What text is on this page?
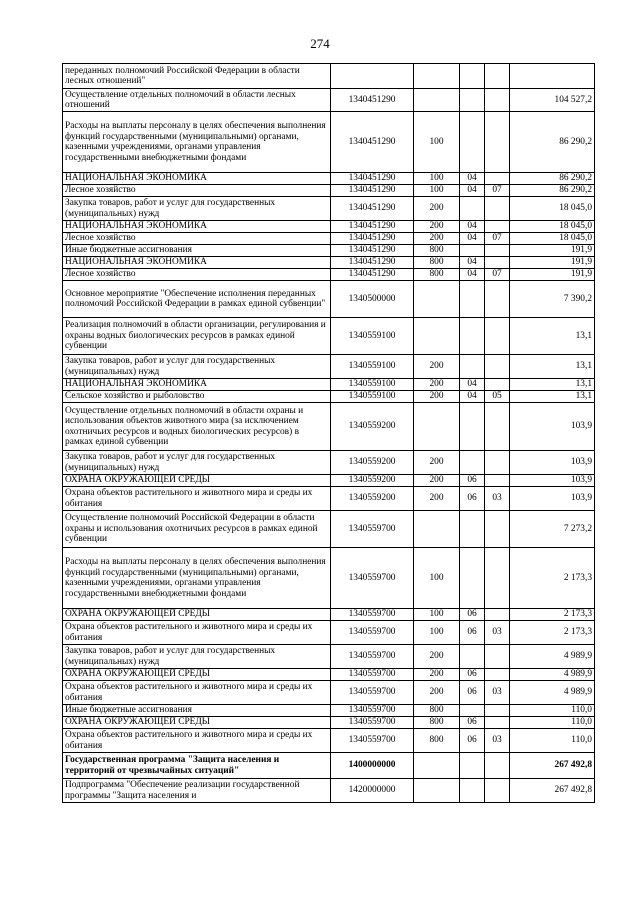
274
переданных полномочий Российской Федерации в области лесных отношений"					
Осуществление отдельных полномочий в области лесных отношений	1340451290				104 527,2
Расходы на выплаты персоналу в целях обеспечения выполнения функций государственными (муниципальными) органами, казенными учреждениями, органами управления государственными внебюджетными фондами	1340451290	100			86 290,2
НАЦИОНАЛЬНАЯ ЭКОНОМИКА	1340451290	100	04		86 290,2
Лесное хозяйство	1340451290	100	04	07	86 290,2
Закупка товаров, работ и услуг для государственных (муниципальных) нужд	1340451290	200			18 045,0
НАЦИОНАЛЬНАЯ ЭКОНОМИКА	1340451290	200	04		18 045,0
Лесное хозяйство	1340451290	200	04	07	18 045,0
Иные бюджетные ассигнования	1340451290	800			191,9
НАЦИОНАЛЬНАЯ ЭКОНОМИКА	1340451290	800	04		191,9
Лесное хозяйство	1340451290	800	04	07	191,9
Основное мероприятие "Обеспечение исполнения переданных полномочий Российской Федерации в рамках единой субвенции"	1340500000				7 390,2
Реализация полномочий в области организации, регулирования и охраны водных биологических ресурсов в рамках единой субвенции	1340559100				13,1
Закупка товаров, работ и услуг для государственных (муниципальных) нужд	1340559100	200			13,1
НАЦИОНАЛЬНАЯ ЭКОНОМИКА	1340559100	200	04		13,1
Сельское хозяйство и рыболовство	1340559100	200	04	05	13,1
Осуществление отдельных полномочий в области охраны и использования объектов животного мира (за исключением охотничьих ресурсов и водных биологических ресурсов) в рамках единой субвенции	1340559200				103,9
Закупка товаров, работ и услуг для государственных (муниципальных) нужд	1340559200	200			103,9
ОХРАНА ОКРУЖАЮЩЕЙ СРЕДЫ	1340559200	200	06		103,9
Охрана объектов растительного и животного мира и среды их обитания	1340559200	200	06	03	103,9
Осуществление полномочий Российской Федерации в области охраны и использования охотничьих ресурсов в рамках единой субвенции	1340559700				7 273,2
Расходы на выплаты персоналу в целях обеспечения выполнения функций государственными (муниципальными) органами, казенными учреждениями, органами управления государственными внебюджетными фондами	1340559700	100			2 173,3
ОХРАНА ОКРУЖАЮЩЕЙ СРЕДЫ	1340559700	100	06		2 173,3
Охрана объектов растительного и животного мира и среды их обитания	1340559700	100	06	03	2 173,3
Закупка товаров, работ и услуг для государственных (муниципальных) нужд	1340559700	200			4 989,9
ОХРАНА ОКРУЖАЮЩЕЙ СРЕДЫ	1340559700	200	06		4 989,9
Охрана объектов растительного и животного мира и среды их обитания	1340559700	200	06	03	4 989,9
Иные бюджетные ассигнования	1340559700	800			110,0
ОХРАНА ОКРУЖАЮЩЕЙ СРЕДЫ	1340559700	800	06		110,0
Охрана объектов растительного и животного мира и среды их обитания	1340559700	800	06	03	110,0
Государственная программа "Защита населения и территорий от чрезвычайных ситуаций"	1400000000				267 492,8
Подпрограмма "Обеспечение реализации государственной программы "Защита населения и	1420000000				267 492,8
